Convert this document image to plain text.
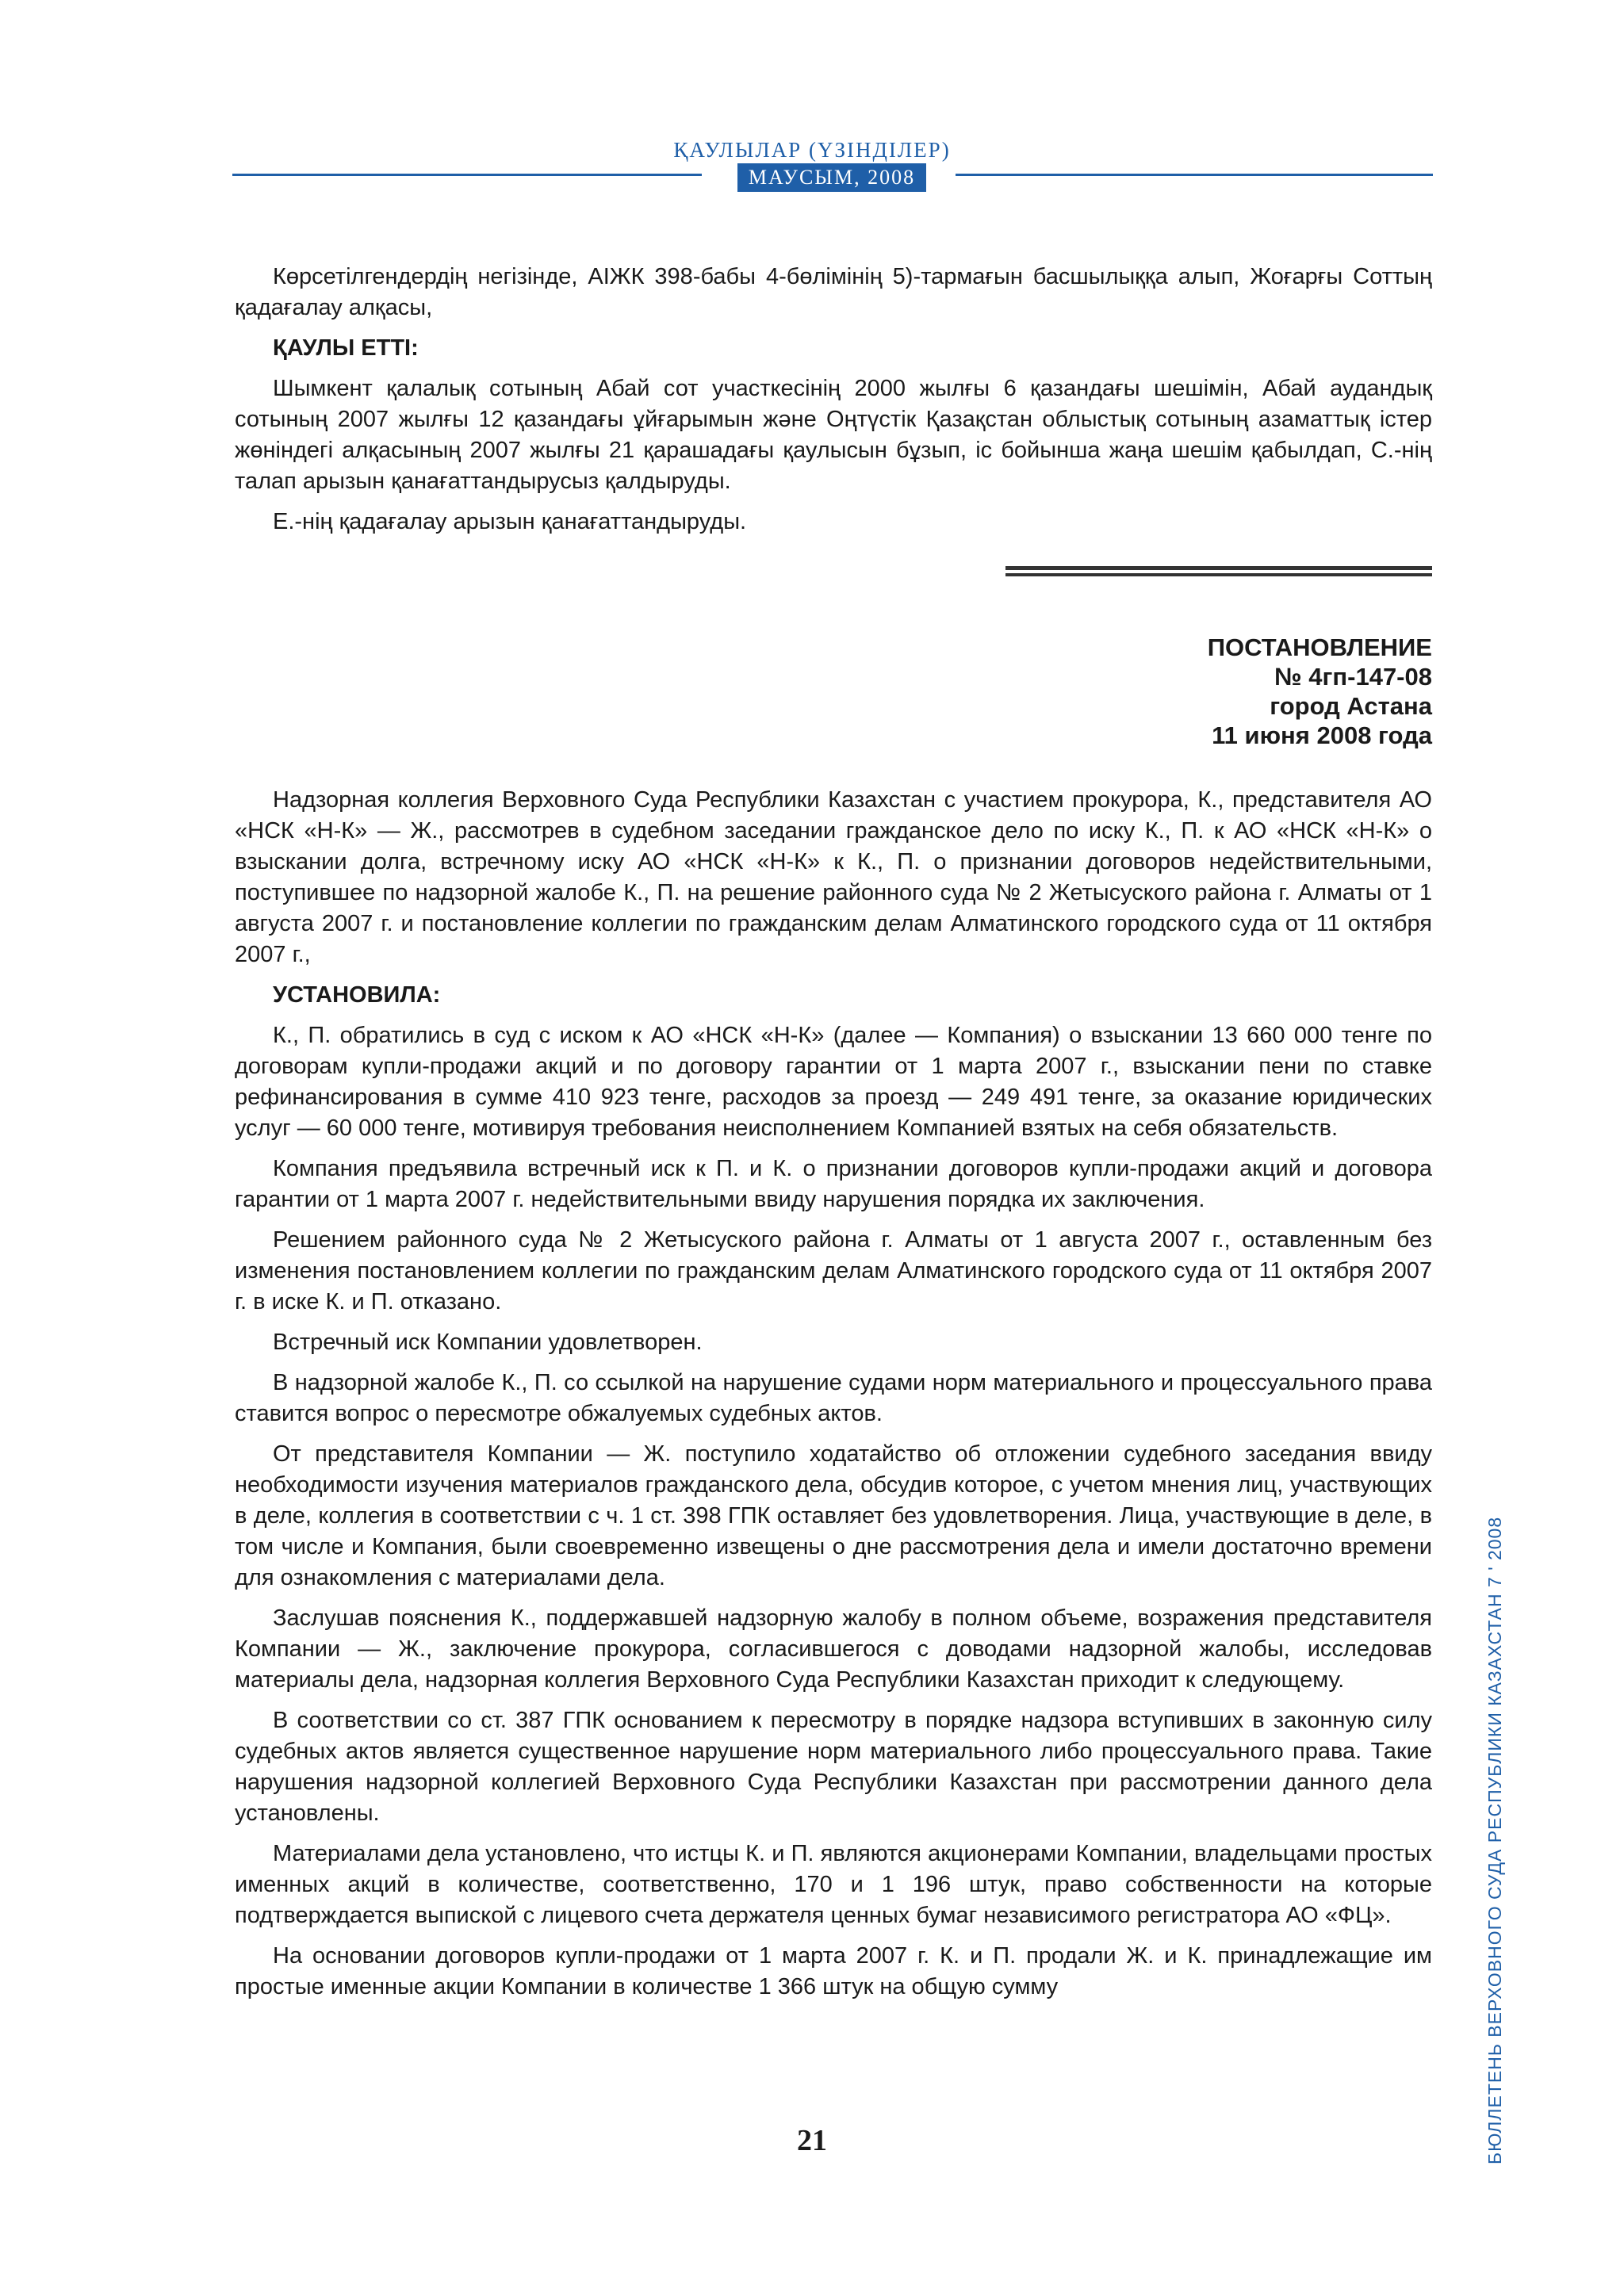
ҚАУЛЫЛАР (ҮЗІНДІЛЕР)
МАУСЫМ, 2008

Көрсетілгендердің негізінде, АІЖК 398-бабы 4-бөлімінің 5)-тармағын басшылыққа алып, Жоғарғы Соттың қадағалау алқасы,

ҚАУЛЫ ЕТТІ:

Шымкент қалалық сотының Абай сот участкесінің 2000 жылғы 6 қазандағы шешімін, Абай аудандық сотының 2007 жылғы 12 қазандағы ұйғарымын және Оңтүстік Қазақстан облыстық сотының азаматтық істер жөніндегі алқасының 2007 жылғы 21 қарашадағы қаулысын бұзып, іс бойынша жаңа шешім қабылдап, С.-нің талап арызын қанағаттандырусыз қалдыруды.

Е.-нің қадағалау арызын қанағаттандыруды.

ПОСТАНОВЛЕНИЕ
№ 4гп-147-08
город Астана
11 июня 2008 года

Надзорная коллегия Верховного Суда Республики Казахстан с участием прокурора, К., представителя АО «НСК «Н-К» — Ж., рассмотрев в судебном заседании гражданское дело по иску К., П. к АО «НСК «Н-К» о взыскании долга, встречному иску АО «НСК «Н-К» к К., П. о признании договоров недействительными, поступившее по надзорной жалобе К., П. на решение районного суда № 2 Жетысуского района г. Алматы от 1 августа 2007 г. и постановление коллегии по гражданским делам Алматинского городского суда от 11 октября 2007 г.,

УСТАНОВИЛА:

К., П. обратились в суд с иском к АО «НСК «Н-К» (далее — Компания) о взыскании 13 660 000 тенге по договорам купли-продажи акций и по договору гарантии от 1 марта 2007 г., взыскании пени по ставке рефинансирования в сумме 410 923 тенге, расходов за проезд — 249 491 тенге, за оказание юридических услуг — 60 000 тенге, мотивируя требования неисполнением Компанией взятых на себя обязательств.

Компания предъявила встречный иск к П. и К. о признании договоров купли-продажи акций и договора гарантии от 1 марта 2007 г. недействительными ввиду нарушения порядка их заключения.

Решением районного суда № 2 Жетысуского района г. Алматы от 1 августа 2007 г., оставленным без изменения постановлением коллегии по гражданским делам Алматинского городского суда от 11 октября 2007 г. в иске К. и П. отказано.

Встречный иск Компании удовлетворен.

В надзорной жалобе К., П. со ссылкой на нарушение судами норм материального и процессуального права ставится вопрос о пересмотре обжалуемых судебных актов.

От представителя Компании — Ж. поступило ходатайство об отложении судебного заседания ввиду необходимости изучения материалов гражданского дела, обсудив которое, с учетом мнения лиц, участвующих в деле, коллегия в соответствии с ч. 1 ст. 398 ГПК оставляет без удовлетворения. Лица, участвующие в деле, в том числе и Компания, были своевременно извещены о дне рассмотрения дела и имели достаточно времени для ознакомления с материалами дела.

Заслушав пояснения К., поддержавшей надзорную жалобу в полном объеме, возражения представителя Компании — Ж., заключение прокурора, согласившегося с доводами надзорной жалобы, исследовав материалы дела, надзорная коллегия Верховного Суда Республики Казахстан приходит к следующему.

В соответствии со ст. 387 ГПК основанием к пересмотру в порядке надзора вступивших в законную силу судебных актов является существенное нарушение норм материального либо процессуального права. Такие нарушения надзорной коллегией Верховного Суда Республики Казахстан при рассмотрении данного дела установлены.

Материалами дела установлено, что истцы К. и П. являются акционерами Компании, владельцами простых именных акций в количестве, соответственно, 170 и 1 196 штук, право собственности на которые подтверждается выпиской с лицевого счета держателя ценных бумаг независимого регистратора АО «ФЦ».

На основании договоров купли-продажи от 1 марта 2007 г. К. и П. продали Ж. и К. принадлежащие им простые именные акции Компании в количестве 1 366 штук на общую сумму

21	БЮЛЛЕТЕНЬ ВЕРХОВНОГО СУДА РЕСПУБЛИКИ КАЗАХСТАН 7 ' 2008
